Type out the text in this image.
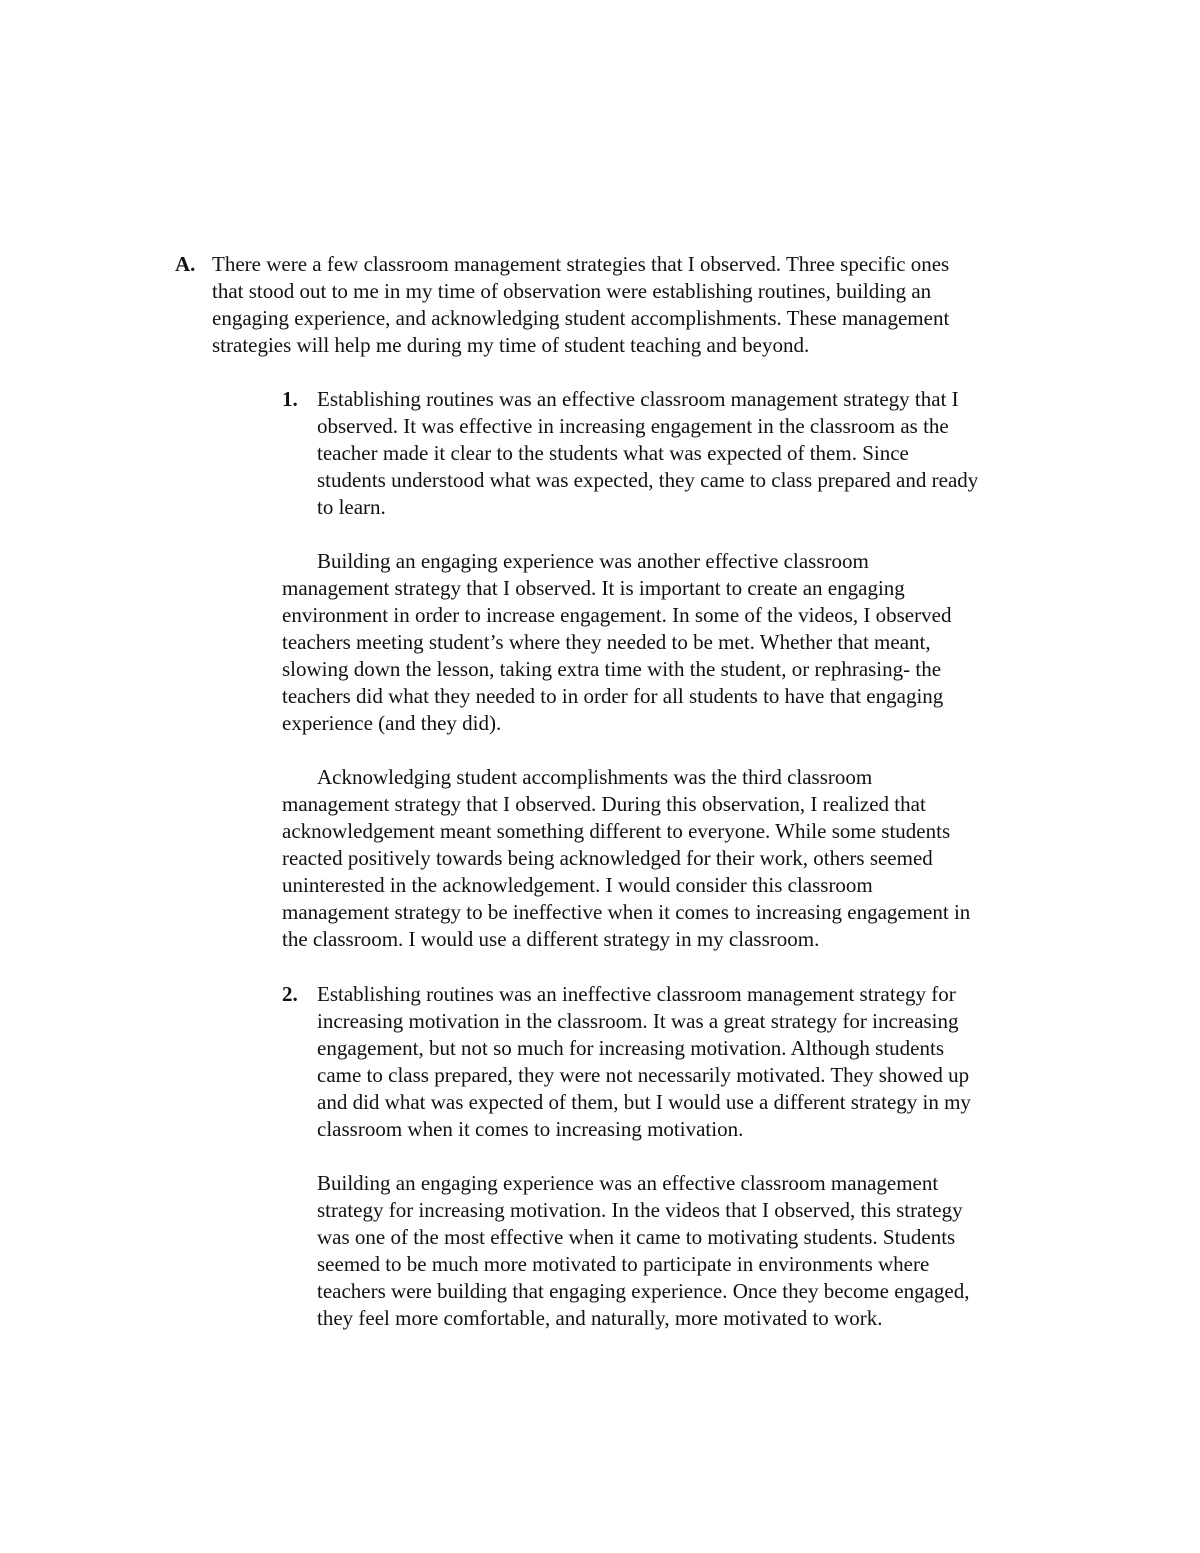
A. There were a few classroom management strategies that I observed. Three specific ones
that stood out to me in my time of observation were establishing routines, building an
engaging experience, and acknowledging student accomplishments. These management
strategies will help me during my time of student teaching and beyond.
1. Establishing routines was an effective classroom management strategy that I
observed. It was effective in increasing engagement in the classroom as the
teacher made it clear to the students what was expected of them. Since
students understood what was expected, they came to class prepared and ready
to learn.
Building an engaging experience was another effective classroom
management strategy that I observed. It is important to create an engaging
environment in order to increase engagement. In some of the videos, I observed
teachers meeting student’s where they needed to be met. Whether that meant,
slowing down the lesson, taking extra time with the student, or rephrasing- the
teachers did what they needed to in order for all students to have that engaging
experience (and they did).
Acknowledging student accomplishments was the third classroom
management strategy that I observed. During this observation, I realized that
acknowledgement meant something different to everyone. While some students
reacted positively towards being acknowledged for their work, others seemed
uninterested in the acknowledgement. I would consider this classroom
management strategy to be ineffective when it comes to increasing engagement in
the classroom. I would use a different strategy in my classroom.
2. Establishing routines was an ineffective classroom management strategy for
increasing motivation in the classroom. It was a great strategy for increasing
engagement, but not so much for increasing motivation. Although students
came to class prepared, they were not necessarily motivated. They showed up
and did what was expected of them, but I would use a different strategy in my
classroom when it comes to increasing motivation.
Building an engaging experience was an effective classroom management
strategy for increasing motivation. In the videos that I observed, this strategy
was one of the most effective when it came to motivating students. Students
seemed to be much more motivated to participate in environments where
teachers were building that engaging experience. Once they become engaged,
they feel more comfortable, and naturally, more motivated to work.
